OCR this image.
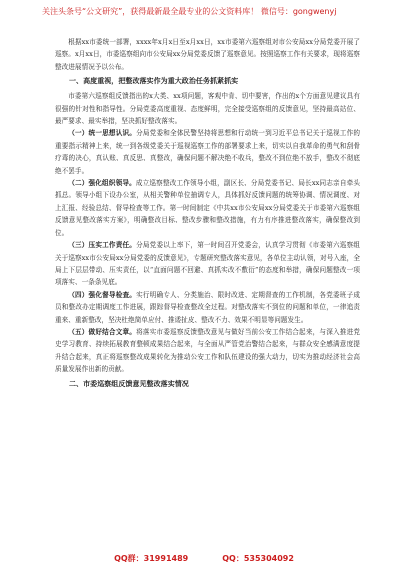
关注头条号“公文研究”，获得最新最全最专业的公文资料库！ 微信号：gongwenyj

根据xx市委统一部署，xxxx年x月x日至x月xx日，xx市委第六巡察组对市公安局xx分局党委开展了巡察。x月xx日，市委巡察组向市公安局xx分局党委反馈了巡察意见。按照巡察工作有关要求，现将巡察整改进展情况予以公布。

一、高度重视，把整改落实作为重大政治任务抓紧抓实

市委第六巡察组反馈指出的x大类、xx项问题，客观中肯、切中要害，作出的x个方面意见建议具有很强的针对性和指导性。分局党委高度重视、态度鲜明，完全接受巡察组的反馈意见，坚持最高站位、最严要求、最实举措，坚决抓好整改落实。

（一）统一思想认识。分局党委和全体民警坚持将思想和行动统一到习近平总书记关于巡视工作的重要指示精神上来，统一到各级党委关于巡视巡察工作的部署要求上来，切实以自我革命的勇气和刮骨疗毒的决心，真认账、真反思、真整改，确保问题不解决绝不收兵，整改不到位绝不放手，整改不彻底绝不罢手。

（二）强化组织领导。成立巡察整改工作领导小组，副区长、分局党委书记、局长xx同志亲自牵头抓总。领导小组下设办公室，从相关警种单位抽调专人，具体抓好反馈问题的统筹协调、情况调度、对上汇报、经验总结、督导检查等工作。第一时间制定《中共xx市公安局xx分局党委关于市委第六巡察组反馈意见整改落实方案》，明确整改目标、整改步骤和整改措施，有力有序推进整改落实，确保整改到位。

（三）压实工作责任。分局党委以上率下，第一时间召开党委会，认真学习贯彻《市委第六巡察组关于巡察xx市公安局xx分局党委的反馈意见》，专题研究整改落实意见，各单位主动认领，对号入座，全局上下层层带动、压实责任，以“直面问题不回避、真抓实改不敷衍”的态度和举措，确保问题整改一项项落实、一条条见底。

（四）强化督导检查。实行明确专人、分类施治、限时改进、定期督查的工作机制，各党委班子成员和整改办定期调度工作进展，跟踪督导检查整改全过程。对整改落实不到位的问题和单位，一律追责重来、重新整改，坚决杜绝简单应付、推诿扯皮、整改不力、效果不明显等问题发生。

（五）做好结合文章。将落实市委巡察反馈整改意见与做好当前公安工作结合起来，与深入推进党史学习教育、持续拓展教育整顿成果结合起来，与全面从严管党治警结合起来，与群众安全感满意度提升结合起来，真正将巡察整改成果转化为推动公安工作和队伍建设的强大动力，切实为推动经济社会高质量发展作出新的贡献。

二、市委巡察组反馈意见整改落实情况

QQ群：31991489	QQ：535304092
